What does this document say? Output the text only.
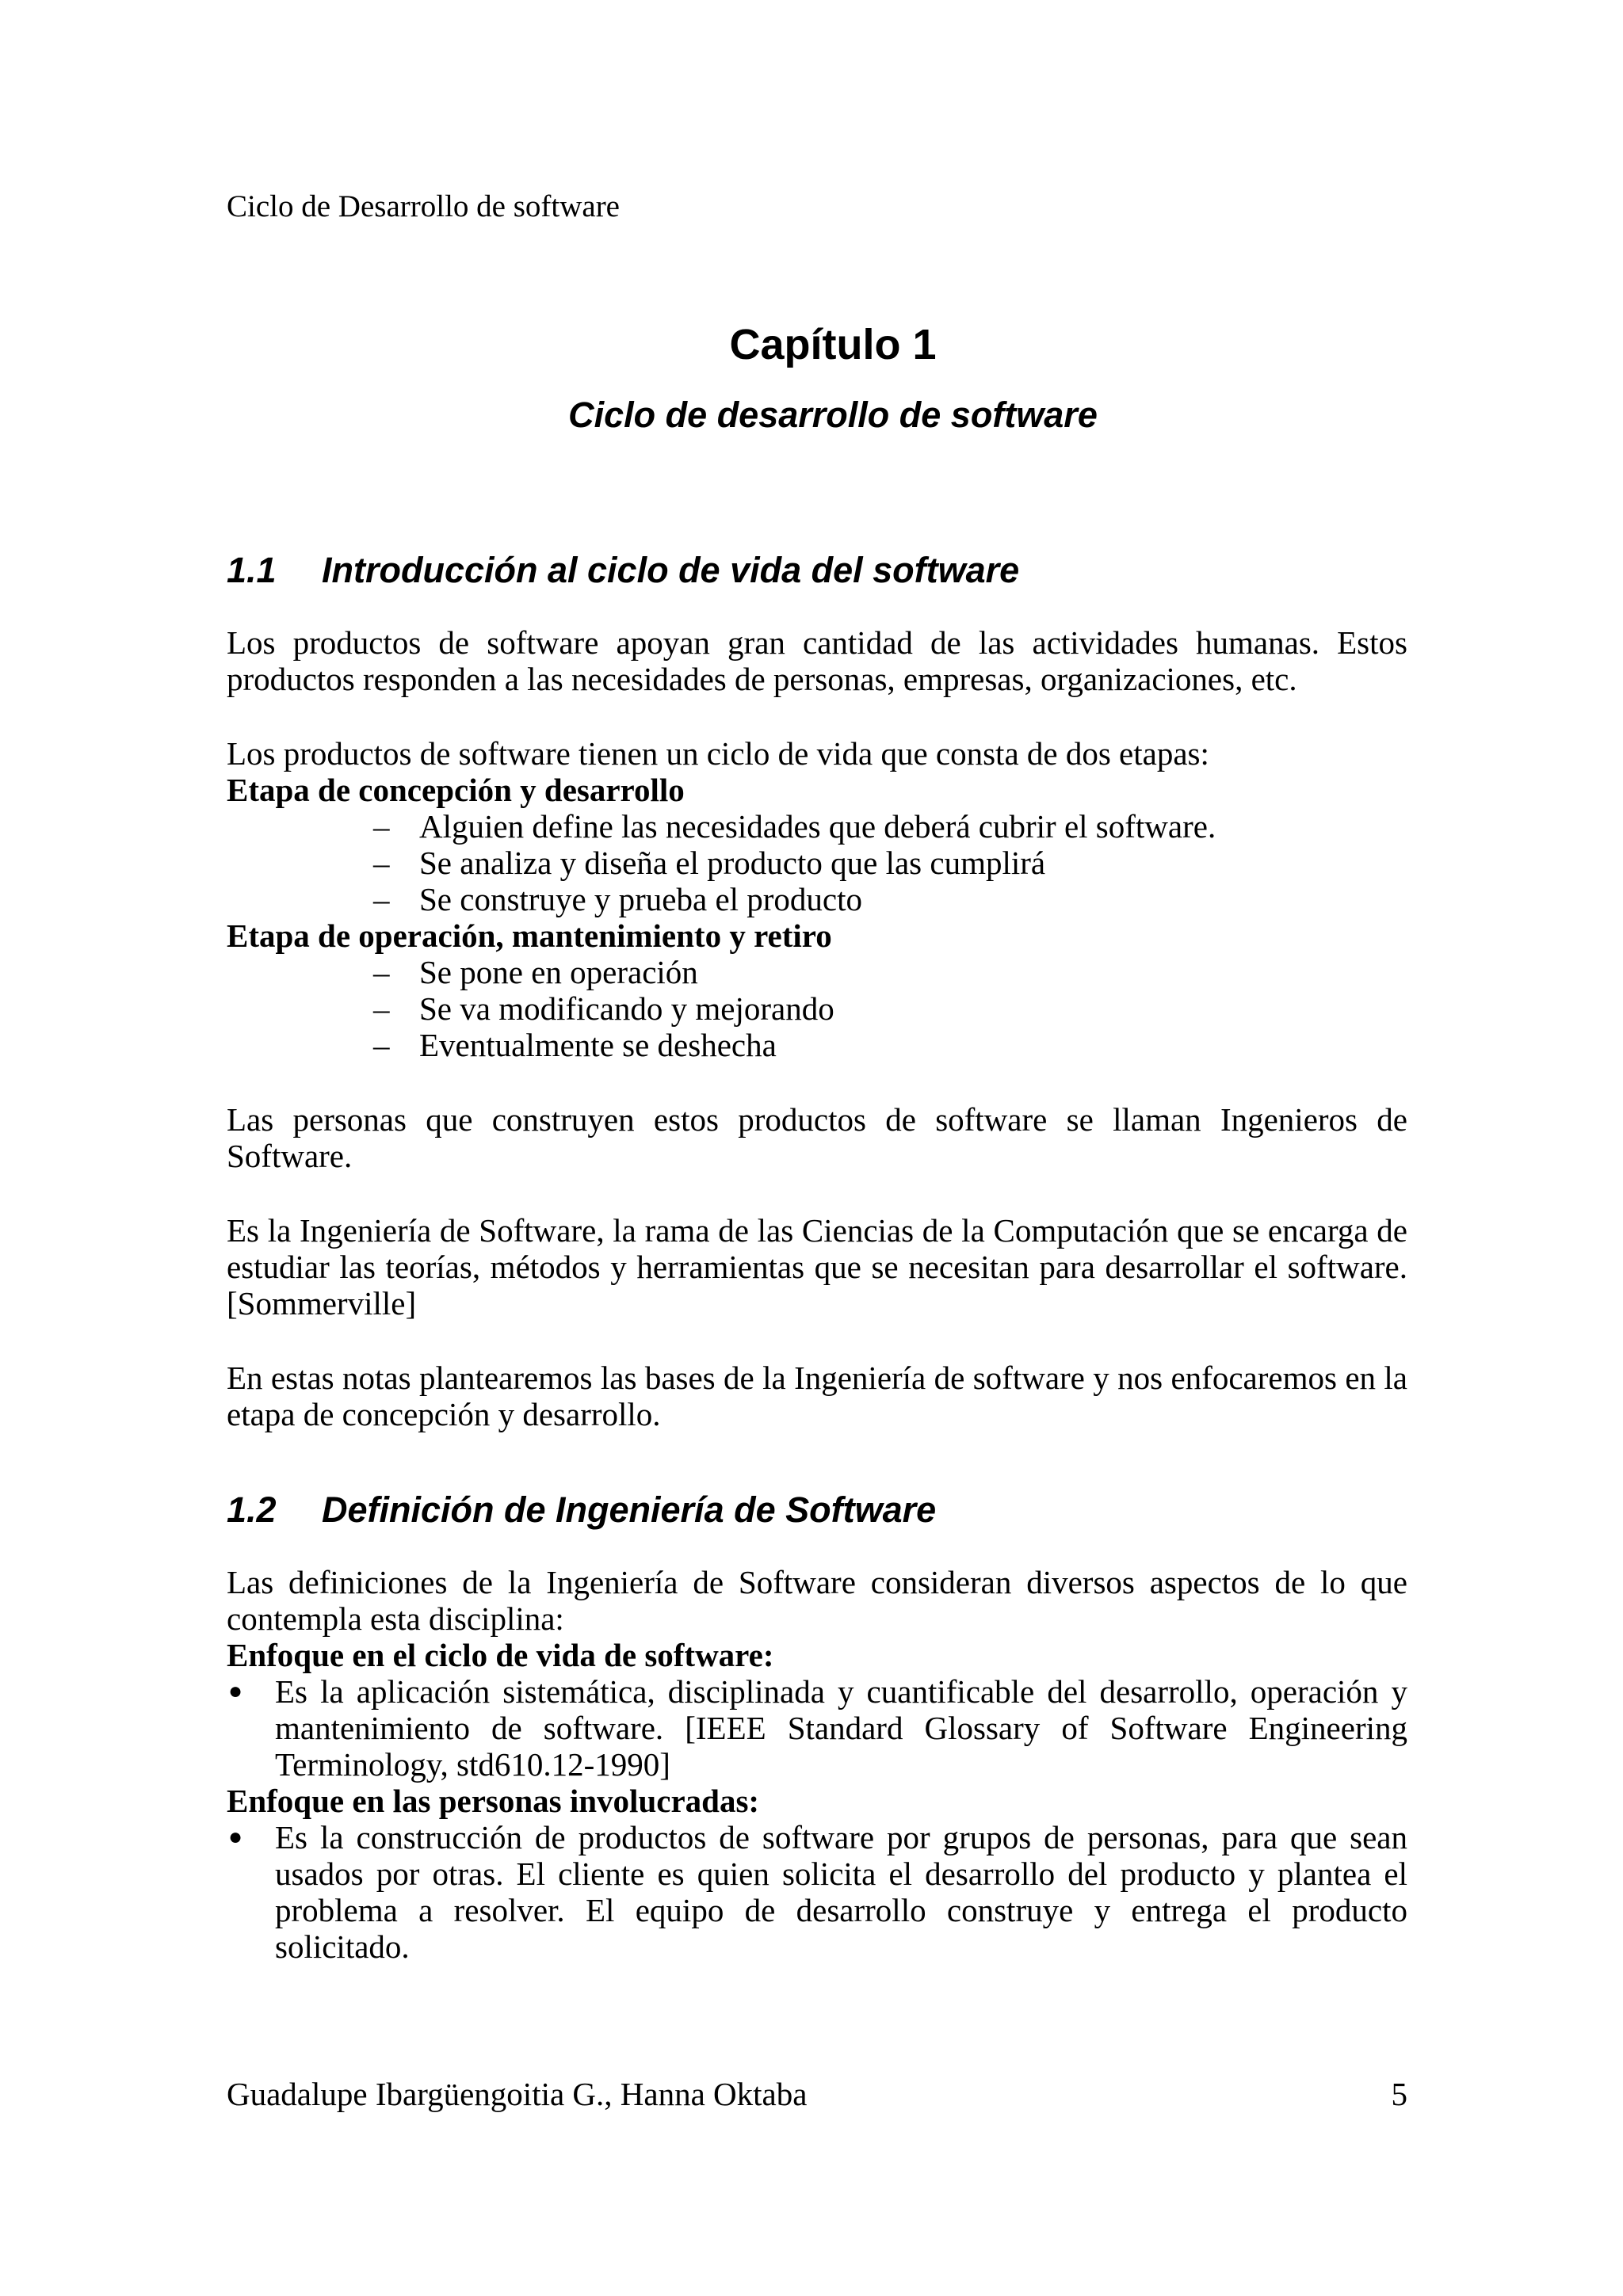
Ciclo de Desarrollo de software

Capítulo 1
Ciclo de desarrollo de software
1.1	Introducción al ciclo de vida del software

Los productos de software apoyan gran cantidad de las actividades humanas. Estos productos responden a las necesidades de personas, empresas, organizaciones, etc.

Los productos de software tienen un ciclo de vida que consta de dos etapas:

Etapa de concepción y desarrollo

– Alguien define las necesidades que deberá cubrir el software.
– Se analiza y diseña el producto que las cumplirá
– Se construye y prueba el producto

Etapa de operación, mantenimiento y retiro

– Se pone en operación
– Se va modificando y mejorando
– Eventualmente se deshecha

Las personas que construyen estos productos de software se llaman Ingenieros de Software.

Es la Ingeniería de Software, la rama de las Ciencias de la Computación que se encarga de estudiar las teorías, métodos y herramientas que se necesitan para desarrollar el software.[Sommerville]

En estas notas plantearemos las bases de la Ingeniería de software y nos enfocaremos en la etapa de concepción y desarrollo.

1.2	Definición de Ingeniería de Software

Las definiciones de la Ingeniería de Software consideran diversos aspectos de lo que contempla esta disciplina:

Enfoque en el ciclo de vida de software:

● Es la aplicación sistemática, disciplinada y cuantificable del desarrollo, operación y mantenimiento de software. [IEEE Standard Glossary of Software Engineering Terminology, std610.12-1990]

Enfoque en las personas involucradas:

● Es la construcción de productos de software por grupos de personas, para que sean usados por otras. El cliente es quien solicita el desarrollo del producto y plantea el problema a resolver. El equipo de desarrollo construye y entrega el producto solicitado.
Guadalupe Ibargüengoitia G., Hanna Oktaba	5
